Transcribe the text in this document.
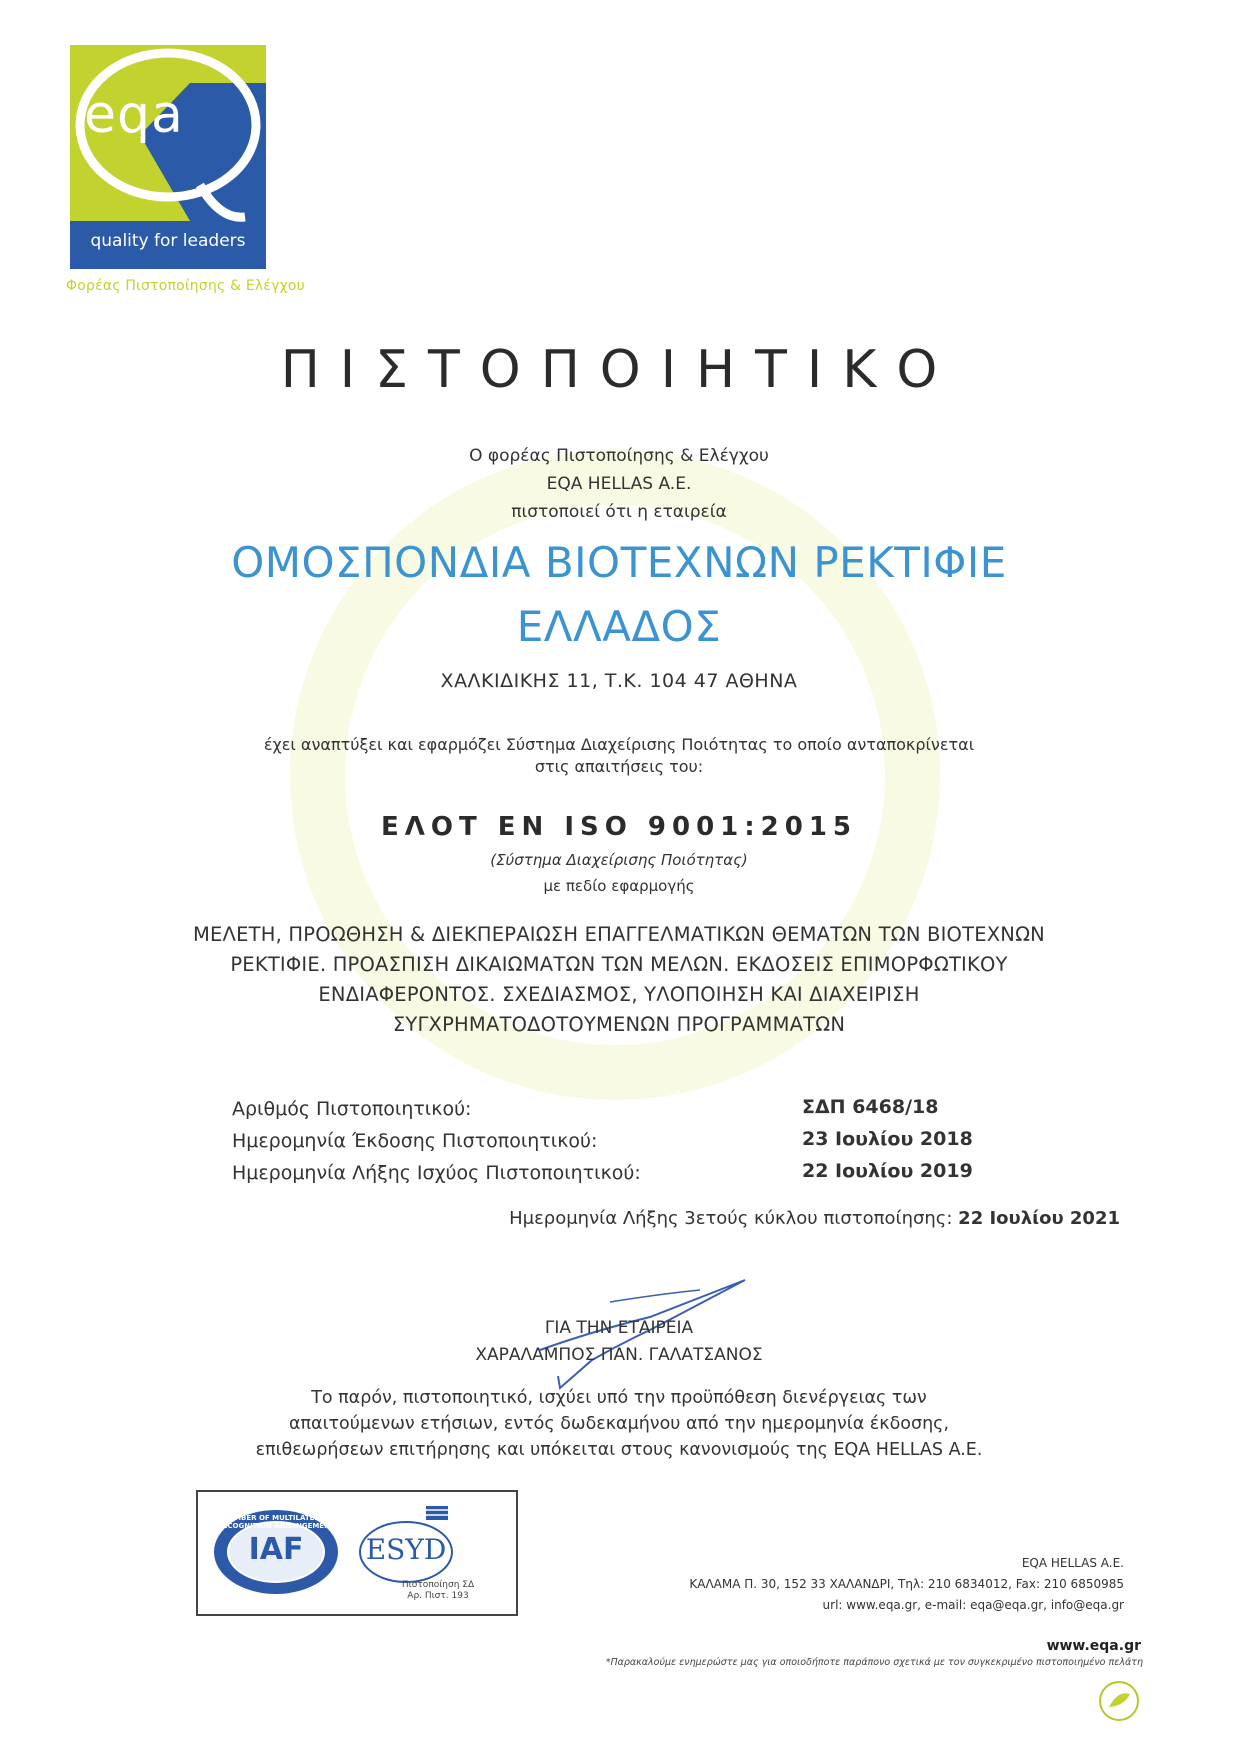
eqa
quality for leaders
Φορέας Πιστοποίησης & Ελέγχου
ΠΙΣΤΟΠΟΙΗΤΙΚΟ
Ο φορέας Πιστοποίησης & Ελέγχου
EQA HELLAS A.E.
πιστοποιεί ότι η εταιρεία
ΟΜΟΣΠΟΝΔΙΑ ΒΙΟΤΕΧΝΩΝ ΡΕΚΤΙΦΙΕ
ΕΛΛΑΔΟΣ
ΧΑΛΚΙΔΙΚΗΣ 11, Τ.Κ. 104 47 ΑΘΗΝΑ
έχει αναπτύξει και εφαρμόζει Σύστημα Διαχείρισης Ποιότητας το οποίο ανταποκρίνεται
στις απαιτήσεις του:
ΕΛΟΤ ΕΝ ISO 9001:2015
(Σύστημα Διαχείρισης Ποιότητας)
με πεδίο εφαρμογής
ΜΕΛΕΤΗ, ΠΡΟΩΘΗΣΗ & ΔΙΕΚΠΕΡΑΙΩΣΗ ΕΠΑΓΓΕΛΜΑΤΙΚΩΝ ΘΕΜΑΤΩΝ ΤΩΝ ΒΙΟΤΕΧΝΩΝ
ΡΕΚΤΙΦΙΕ. ΠΡΟΑΣΠΙΣΗ ΔΙΚΑΙΩΜΑΤΩΝ ΤΩΝ ΜΕΛΩΝ. ΕΚΔΟΣΕΙΣ ΕΠΙΜΟΡΦΩΤΙΚΟΥ
ΕΝΔΙΑΦΕΡΟΝΤΟΣ. ΣΧΕΔΙΑΣΜΟΣ, ΥΛΟΠΟΙΗΣΗ ΚΑΙ ΔΙΑΧΕΙΡΙΣΗ
ΣΥΓΧΡΗΜΑΤΟΔΟΤΟΥΜΕΝΩΝ ΠΡΟΓΡΑΜΜΑΤΩΝ
Αριθμός Πιστοποιητικού:	ΣΔΠ 6468/18
Ημερομηνία Έκδοσης Πιστοποιητικού:	23 Ιουλίου 2018
Ημερομηνία Λήξης Ισχύος Πιστοποιητικού:	22 Ιουλίου 2019
Ημερομηνία Λήξης 3ετούς κύκλου πιστοποίησης: 22 Ιουλίου 2021
ΓΙΑ ΤΗΝ ΕΤΑΙΡΕΙΑ
ΧΑΡΑΛΑΜΠΟΣ ΠΑΝ. ΓΑΛΑΤΣΑΝΟΣ
Το παρόν, πιστοποιητικό, ισχύει υπό την προϋπόθεση διενέργειας των
απαιτούμενων ετήσιων, εντός δωδεκαμήνου από την ημερομηνία έκδοσης,
επιθεωρήσεων επιτήρησης και υπόκειται στους κανονισμούς της EQA HELLAS A.E.
MEMBER OF MULTILATERAL RECOGNITION ARRANGEMENT
IAF	ESYD
Πιστοποίηση ΣΔ
Αρ. Πιστ. 193
EQA HELLAS A.E.
ΚΑΛΑΜΑ Π. 30, 152 33 ΧΑΛΑΝΔΡΙ, Τηλ: 210 6834012, Fax: 210 6850985
url: www.eqa.gr, e-mail: eqa@eqa.gr, info@eqa.gr
www.eqa.gr
*Παρακαλούμε ενημερώστε μας για οποιοδήποτε παράπονο σχετικά με τον συγκεκριμένο πιστοποιημένο πελάτη
